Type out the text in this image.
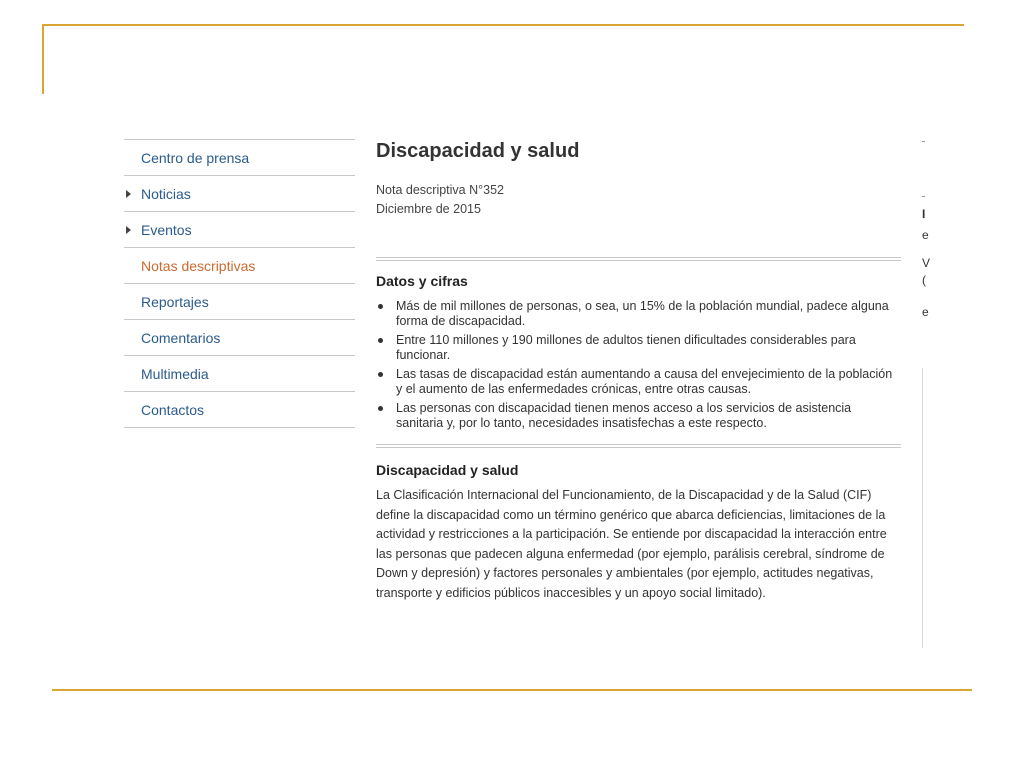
Centro de prensa
Noticias
Eventos
Notas descriptivas
Reportajes
Comentarios
Multimedia
Contactos
Discapacidad y salud
Nota descriptiva N°352
Diciembre de 2015
Datos y cifras
Más de mil millones de personas, o sea, un 15% de la población mundial, padece alguna forma de discapacidad.
Entre 110 millones y 190 millones de adultos tienen dificultades considerables para funcionar.
Las tasas de discapacidad están aumentando a causa del envejecimiento de la población y el aumento de las enfermedades crónicas, entre otras causas.
Las personas con discapacidad tienen menos acceso a los servicios de asistencia sanitaria y, por lo tanto, necesidades insatisfechas a este respecto.
Discapacidad y salud

La Clasificación Internacional del Funcionamiento, de la Discapacidad y de la Salud (CIF) define la discapacidad como un término genérico que abarca deficiencias, limitaciones de la actividad y restricciones a la participación. Se entiende por discapacidad la interacción entre las personas que padecen alguna enfermedad (por ejemplo, parálisis cerebral, síndrome de Down y depresión) y factores personales y ambientales (por ejemplo, actitudes negativas, transporte y edificios públicos inaccesibles y un apoyo social limitado).

I
e
V
(
e
